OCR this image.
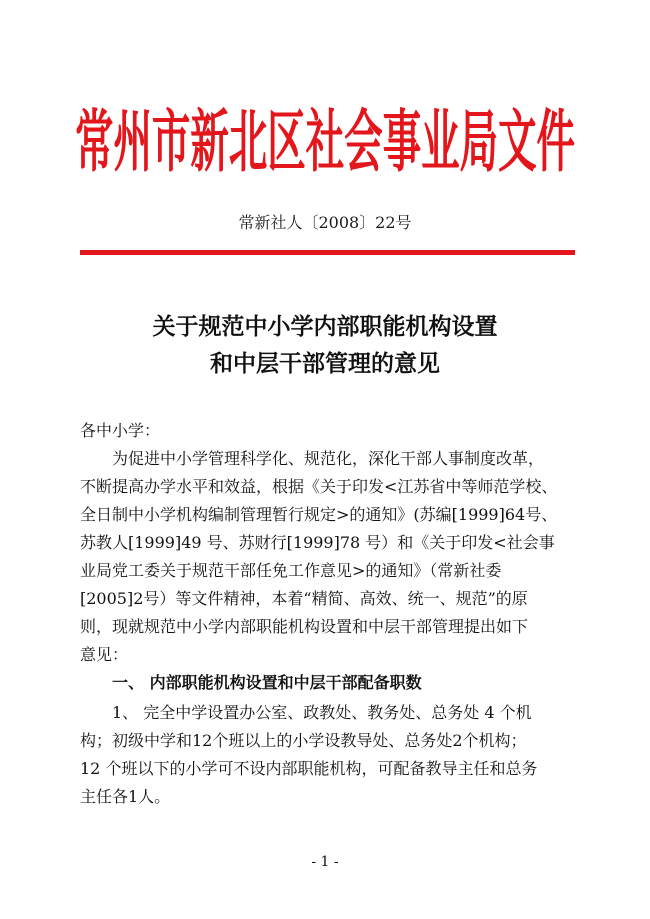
常州市新北区社会事业局文件
常新社人〔2008〕22号
关于规范中小学内部职能机构设置
和中层干部管理的意见
各中小学：
为促进中小学管理科学化、规范化，深化干部人事制度改革，
不断提高办学水平和效益，根据《关于印发<江苏省中等师范学校、
全日制中小学机构编制管理暂行规定>的通知》(苏编[1999]64号、
苏教人[1999]49 号、苏财行[1999]78 号）和《关于印发<社会事
业局党工委关于规范干部任免工作意见>的通知》（常新社委
[2005]2号）等文件精神，本着“精简、高效、统一、规范”的原
则，现就规范中小学内部职能机构设置和中层干部管理提出如下
意见：
一、 内部职能机构设置和中层干部配备职数
1、 完全中学设置办公室、政教处、教务处、总务处 4 个机
构；初级中学和12个班以上的小学设教导处、总务处2个机构；
12 个班以下的小学可不设内部职能机构，可配备教导主任和总务
主任各1人。
- 1 -
